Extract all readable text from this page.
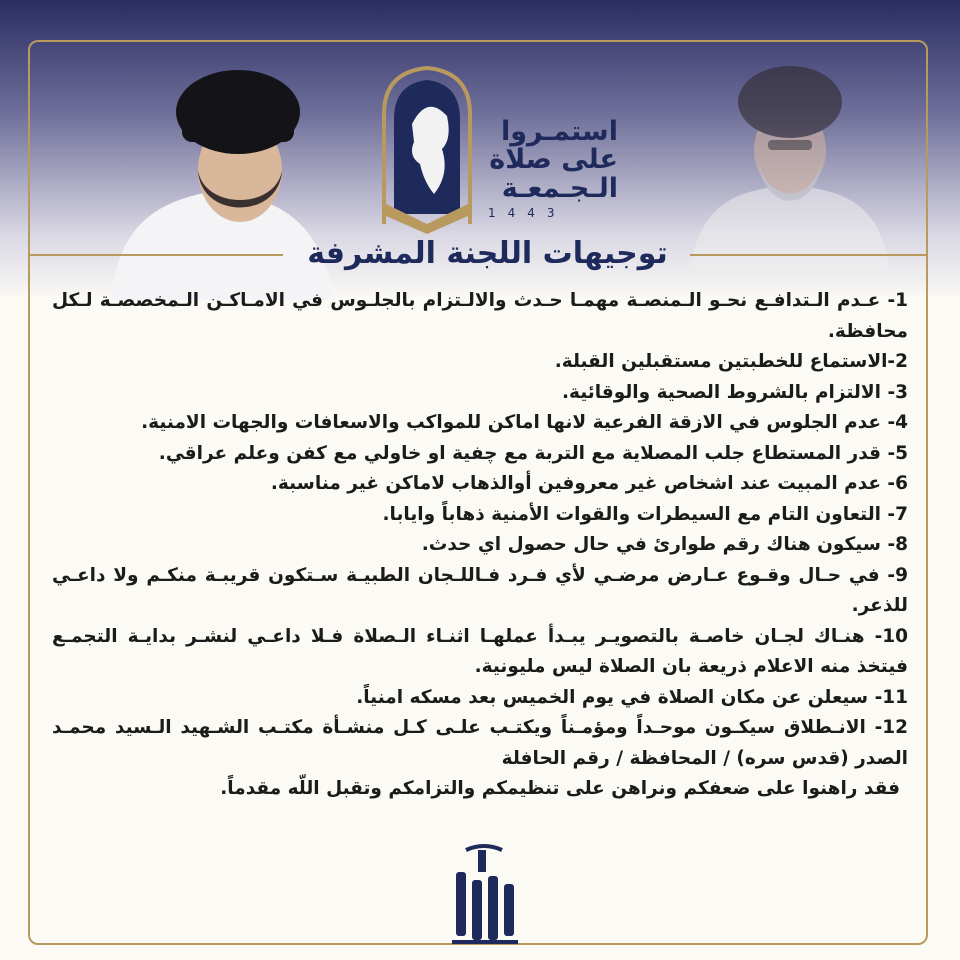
استمـروا
على صلاة
الـجـمعـة
1443
توجيهات اللجنة المشرفة

1- عـدم الـتدافـع نحـو الـمنصـة مهمـا حـدث والالـتزام بالجلـوس في الامـاكـن الـمخصصـة لـكل محافظة.

2-الاستماع للخطبتين مستقبلين القبلة.

3- الالتزام بالشروط الصحية والوقائية.

4- عدم الجلوس في الازقة الفرعية لانها اماكن للمواكب والاسعافات والجهات الامنية.

5- قدر المستطاع جلب المصلاية مع التربة مع چفية او خاولي مع كفن وعلم عراقي.

6- عدم المبيت عند اشخاص غير معروفين أوالذهاب لاماكن غير مناسبة.

7- التعاون التام مع السيطرات والقوات الأمنية ذهاباً وايابا.

8- سيكون هناك رقم طوارئ في حال حصول اي حدث.

9- في حـال وقـوع عـارض مرضـي لأي فـرد فـاللـجان الطبيـة سـتكون قريبـة منكـم ولا داعـي للذعر.

10- هنـاك لجـان خاصـة بالتصويـر يبـدأ عملهـا اثنـاء الـصلاة فـلا داعـي لنشـر بدايـة التجمـع فيتخذ منه الاعلام ذريعة بان الصلاة ليس مليونية.

11- سيعلن عن مكان الصلاة في يوم الخميس بعد مسكه امنياً.

12- الانـطلاق سيكـون موحـداً ومؤمـناً ويكتـب علـى كـل منشـأة مكتـب الشـهيد الـسيد محمـد الصدر (قدس سره) / المحافظة / رقم الحافلة

فقد راهنوا على ضعفكم ونراهن على تنظيمكم والتزامكم وتقبل اللّه مقدماً.
